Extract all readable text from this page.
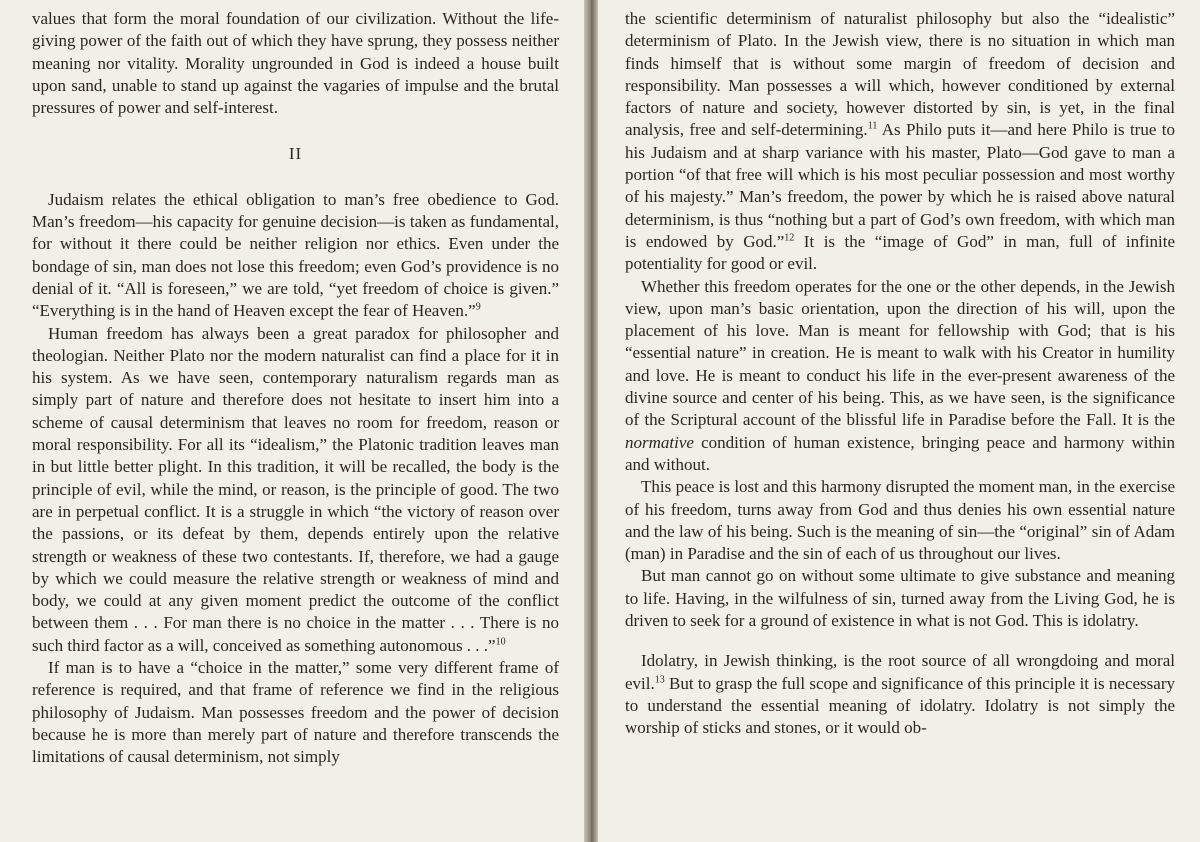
values that form the moral foundation of our civilization. Without the life-giving power of the faith out of which they have sprung, they possess neither meaning nor vitality. Morality ungrounded in God is indeed a house built upon sand, unable to stand up against the vagaries of impulse and the brutal pressures of power and self-interest.

II

Judaism relates the ethical obligation to man’s free obedience to God. Man’s freedom—his capacity for genuine decision—is taken as fundamental, for without it there could be neither religion nor ethics. Even under the bondage of sin, man does not lose this freedom; even God’s providence is no denial of it. “All is foreseen,” we are told, “yet freedom of choice is given.” “Everything is in the hand of Heaven except the fear of Heaven.”$^9$

Human freedom has always been a great paradox for philosopher and theologian. Neither Plato nor the modern naturalist can find a place for it in his system. As we have seen, contemporary naturalism regards man as simply part of nature and therefore does not hesitate to insert him into a scheme of causal determinism that leaves no room for freedom, reason or moral responsibility. For all its “idealism,” the Platonic tradition leaves man in but little better plight. In this tradition, it will be recalled, the body is the principle of evil, while the mind, or reason, is the principle of good. The two are in perpetual conflict. It is a struggle in which “the victory of reason over the passions, or its defeat by them, depends entirely upon the relative strength or weakness of these two contestants. If, therefore, we had a gauge by which we could measure the relative strength or weakness of mind and body, we could at any given moment predict the outcome of the conflict between them . . . For man there is no choice in the matter . . . There is no such third factor as a will, conceived as something autonomous . . .”$^{10}$

If man is to have a “choice in the matter,” some very different frame of reference is required, and that frame of reference we find in the religious philosophy of Judaism. Man possesses freedom and the power of decision because he is more than merely part of nature and therefore transcends the limitations of causal determinism, not simply

the scientific determinism of naturalist philosophy but also the “idealistic” determinism of Plato. In the Jewish view, there is no situation in which man finds himself that is without some margin of freedom of decision and responsibility. Man possesses a will which, however conditioned by external factors of nature and society, however distorted by sin, is yet, in the final analysis, free and self-determining.$^{11}$ As Philo puts it—and here Philo is true to his Judaism and at sharp variance with his master, Plato—God gave to man a portion “of that free will which is his most peculiar possession and most worthy of his majesty.” Man’s freedom, the power by which he is raised above natural determinism, is thus “nothing but a part of God’s own freedom, with which man is endowed by God.”$^{12}$ It is the “image of God” in man, full of infinite potentiality for good or evil.

Whether this freedom operates for the one or the other depends, in the Jewish view, upon man’s basic orientation, upon the direction of his will, upon the placement of his love. Man is meant for fellowship with God; that is his “essential nature” in creation. He is meant to walk with his Creator in humility and love. He is meant to conduct his life in the ever-present awareness of the divine source and center of his being. This, as we have seen, is the significance of the Scriptural account of the blissful life in Paradise before the Fall. It is the normative condition of human existence, bringing peace and harmony within and without.

This peace is lost and this harmony disrupted the moment man, in the exercise of his freedom, turns away from God and thus denies his own essential nature and the law of his being. Such is the meaning of sin—the “original” sin of Adam (man) in Paradise and the sin of each of us throughout our lives.

But man cannot go on without some ultimate to give substance and meaning to life. Having, in the wilfulness of sin, turned away from the Living God, he is driven to seek for a ground of existence in what is not God. This is idolatry.

Idolatry, in Jewish thinking, is the root source of all wrongdoing and moral evil.$^{13}$ But to grasp the full scope and significance of this principle it is necessary to understand the essential meaning of idolatry. Idolatry is not simply the worship of sticks and stones, or it would ob-
